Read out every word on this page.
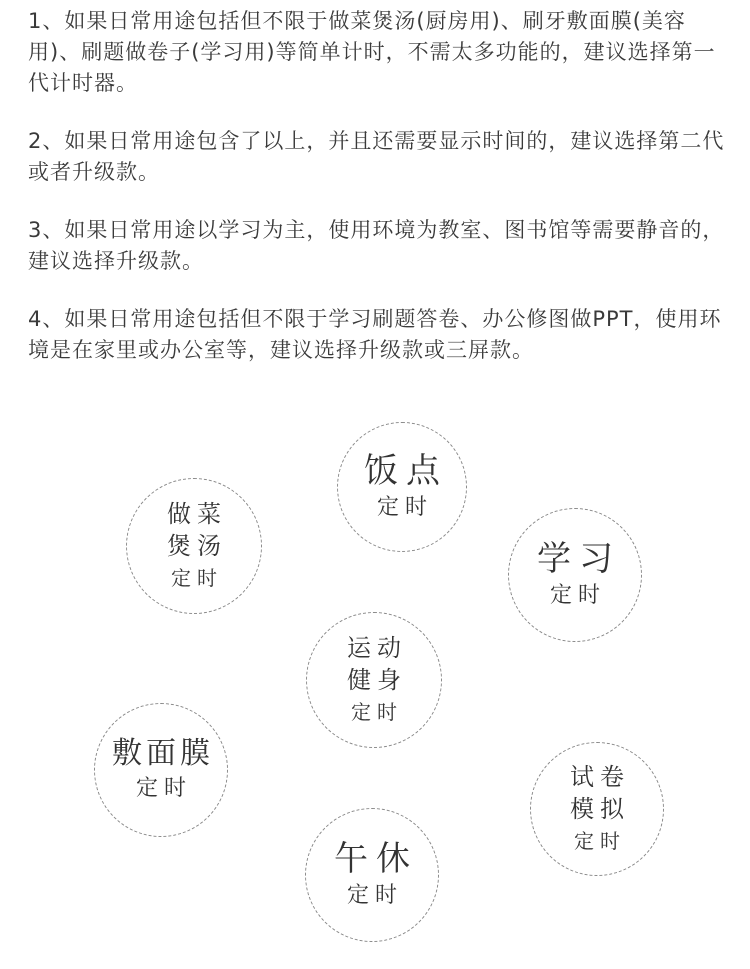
1、如果日常用途包括但不限于做菜煲汤(厨房用)、刷牙敷面膜(美容用)、刷题做卷子(学习用)等简单计时，不需太多功能的，建议选择第一代计时器。

2、如果日常用途包含了以上，并且还需要显示时间的，建议选择第二代或者升级款。

3、如果日常用途以学习为主，使用环境为教室、图书馆等需要静音的，建议选择升级款。

4、如果日常用途包括但不限于学习刷题答卷、办公修图做PPT，使用环境是在家里或办公室等，建议选择升级款或三屏款。

饭点
定时
做菜
煲汤
定时	学习
定时
运动
健身
定时
敷面膜
定时	试卷
模拟
定时
午休
定时
